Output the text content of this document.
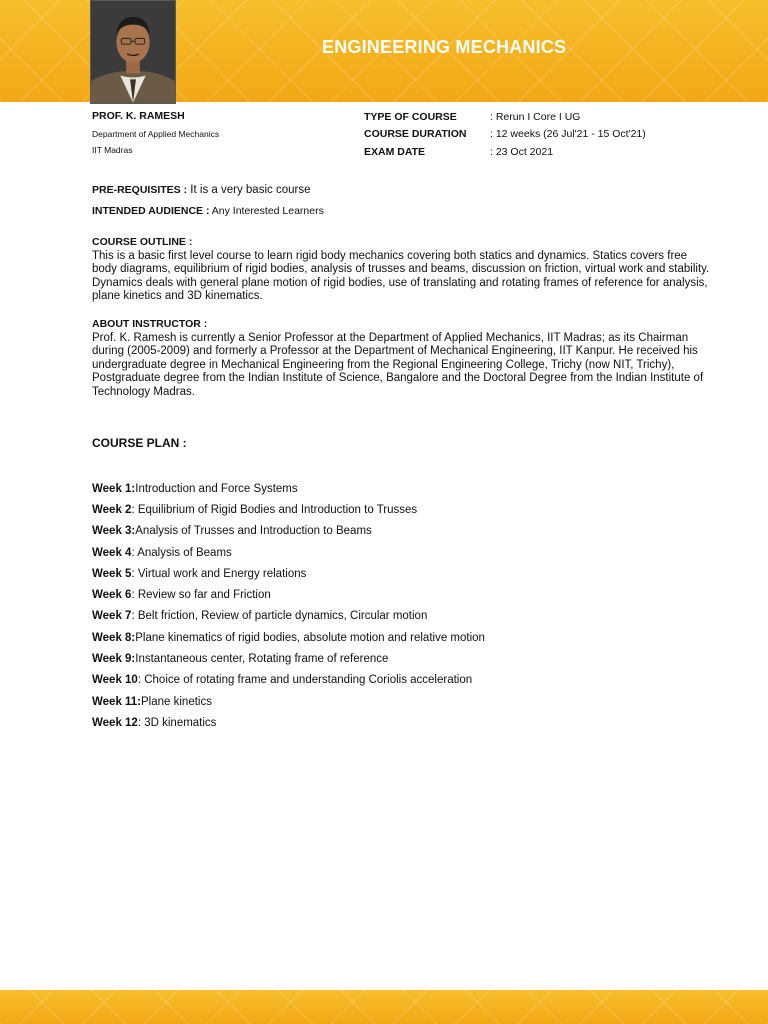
ENGINEERING MECHANICS
PROF. K. RAMESH
Department of Applied Mechanics
IIT Madras
TYPE OF COURSE	: Rerun I Core I UG
COURSE DURATION	: 12 weeks (26 Jul'21 - 15 Oct'21)
EXAM DATE	: 23 Oct 2021
PRE-REQUISITES : It is a very basic course
INTENDED AUDIENCE : Any Interested Learners
COURSE OUTLINE :
This is a basic first level course to learn rigid body mechanics covering both statics and dynamics. Statics covers free body diagrams, equilibrium of rigid bodies, analysis of trusses and beams, discussion on friction, virtual work and stability. Dynamics deals with general plane motion of rigid bodies, use of translating and rotating frames of reference for analysis, plane kinetics and 3D kinematics.
ABOUT INSTRUCTOR :
Prof. K. Ramesh is currently a Senior Professor at the Department of Applied Mechanics, IIT Madras; as its Chairman during (2005-2009) and formerly a Professor at the Department of Mechanical Engineering, IIT Kanpur. He received his undergraduate degree in Mechanical Engineering from the Regional Engineering College, Trichy (now NIT, Trichy), Postgraduate degree from the Indian Institute of Science, Bangalore and the Doctoral Degree from the Indian Institute of Technology Madras.
COURSE PLAN :
Week 1: Introduction and Force Systems
Week 2 : Equilibrium of Rigid Bodies and Introduction to Trusses
Week 3: Analysis of Trusses and Introduction to Beams
Week 4 : Analysis of Beams
Week 5 : Virtual work and Energy relations
Week 6 : Review so far and Friction
Week 7 : Belt friction, Review of particle dynamics, Circular motion
Week 8: Plane kinematics of rigid bodies, absolute motion and relative motion
Week 9: Instantaneous center, Rotating frame of reference
Week 10 : Choice of rotating frame and understanding Coriolis acceleration
Week 11: Plane kinetics
Week 12 : 3D kinematics
